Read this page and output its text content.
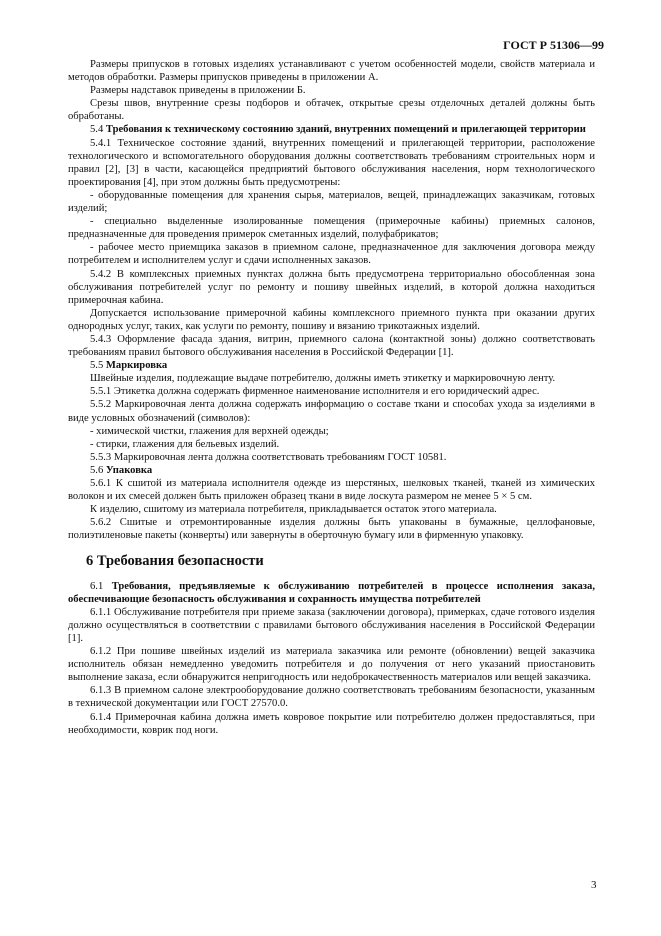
ГОСТ Р 51306—99

Размеры припусков в готовых изделиях устанавливают с учетом особенностей модели, свойств материала и методов обработки. Размеры припусков приведены в приложении А.

Размеры надставок приведены в приложении Б.

Срезы швов, внутренние срезы подборов и обтачек, открытые срезы отделочных деталей должны быть обработаны.

5.4 Требования к техническому состоянию зданий, внутренних помещений и прилегающей территории

5.4.1 Техническое состояние зданий, внутренних помещений и прилегающей территории, расположение технологического и вспомогательного оборудования должны соответствовать требованиям строительных норм и правил [2], [3] в части, касающейся предприятий бытового обслуживания населения, норм технологического проектирования [4], при этом должны быть предусмотрены:

- оборудованные помещения для хранения сырья, материалов, вещей, принадлежащих заказчикам, готовых изделий;

- специально выделенные изолированные помещения (примерочные кабины) приемных салонов, предназначенные для проведения примерок сметанных изделий, полуфабрикатов;

- рабочее место приемщика заказов в приемном салоне, предназначенное для заключения договора между потребителем и исполнителем услуг и сдачи исполненных заказов.

5.4.2 В комплексных приемных пунктах должна быть предусмотрена территориально обособленная зона обслуживания потребителей услуг по ремонту и пошиву швейных изделий, в которой должна находиться примерочная кабина.

Допускается использование примерочной кабины комплексного приемного пункта при оказании других однородных услуг, таких, как услуги по ремонту, пошиву и вязанию трикотажных изделий.

5.4.3 Оформление фасада здания, витрин, приемного салона (контактной зоны) должно соответствовать требованиям правил бытового обслуживания населения в Российской Федерации [1].

5.5 Маркировка

Швейные изделия, подлежащие выдаче потребителю, должны иметь этикетку и маркировочную ленту.

5.5.1 Этикетка должна содержать фирменное наименование исполнителя и его юридический адрес.

5.5.2 Маркировочная лента должна содержать информацию о составе ткани и способах ухода за изделиями в виде условных обозначений (символов):

- химической чистки, глажения для верхней одежды;

- стирки, глажения для бельевых изделий.

5.5.3 Маркировочная лента должна соответствовать требованиям ГОСТ 10581.

5.6 Упаковка

5.6.1 К сшитой из материала исполнителя одежде из шерстяных, шелковых тканей, тканей из химических волокон и их смесей должен быть приложен образец ткани в виде лоскута размером не менее 5 × 5 см.

К изделию, сшитому из материала потребителя, прикладывается остаток этого материала.

5.6.2 Сшитые и отремонтированные изделия должны быть упакованы в бумажные, целлофановые, полиэтиленовые пакеты (конверты) или завернуты в оберточную бумагу или в фирменную упаковку.

6 Требования безопасности

6.1 Требования, предъявляемые к обслуживанию потребителей в процессе исполнения заказа, обеспечивающие безопасность обслуживания и сохранность имущества потребителей

6.1.1 Обслуживание потребителя при приеме заказа (заключении договора), примерках, сдаче готового изделия должно осуществляться в соответствии с правилами бытового обслуживания населения в Российской Федерации [1].

6.1.2 При пошиве швейных изделий из материала заказчика или ремонте (обновлении) вещей заказчика исполнитель обязан немедленно уведомить потребителя и до получения от него указаний приостановить выполнение заказа, если обнаружится непригодность или недоброкачественность материалов или вещей заказчика.

6.1.3 В приемном салоне электрооборудование должно соответствовать требованиям безопасности, указанным в технической документации или ГОСТ 27570.0.

6.1.4 Примерочная кабина должна иметь ковровое покрытие или потребителю должен предоставляться, при необходимости, коврик под ноги.

3
